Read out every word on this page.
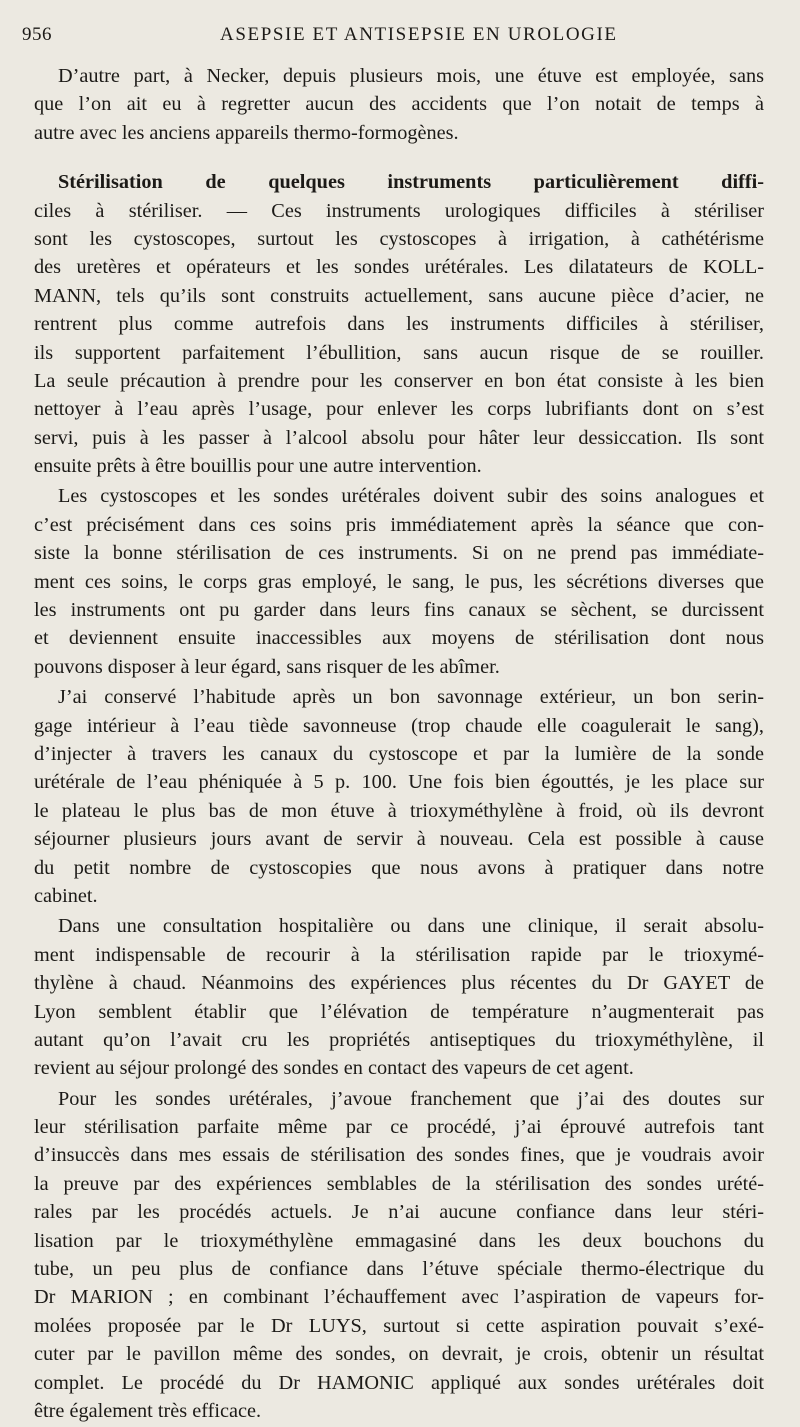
956	ASEPSIE ET ANTISEPSIE EN UROLOGIE
D’autre part, à Necker, depuis plusieurs mois, une étuve est employée, sans
que l’on ait eu à regretter aucun des accidents que l’on notait de temps à
autre avec les anciens appareils thermo-formogènes.
Stérilisation de quelques instruments particulièrement diffi-
ciles à stériliser. — Ces instruments urologiques difficiles à stériliser
sont les cystoscopes, surtout les cystoscopes à irrigation, à cathétérisme
des uretères et opérateurs et les sondes urétérales. Les dilatateurs de KOLL-
MANN, tels qu’ils sont construits actuellement, sans aucune pièce d’acier, ne
rentrent plus comme autrefois dans les instruments difficiles à stériliser,
ils supportent parfaitement l’ébullition, sans aucun risque de se rouiller.
La seule précaution à prendre pour les conserver en bon état consiste à les bien
nettoyer à l’eau après l’usage, pour enlever les corps lubrifiants dont on s’est
servi, puis à les passer à l’alcool absolu pour hâter leur dessiccation. Ils sont
ensuite prêts à être bouillis pour une autre intervention.
Les cystoscopes et les sondes urétérales doivent subir des soins analogues et
c’est précisément dans ces soins pris immédiatement après la séance que con-
siste la bonne stérilisation de ces instruments. Si on ne prend pas immédiate-
ment ces soins, le corps gras employé, le sang, le pus, les sécrétions diverses que
les instruments ont pu garder dans leurs fins canaux se sèchent, se durcissent
et deviennent ensuite inaccessibles aux moyens de stérilisation dont nous
pouvons disposer à leur égard, sans risquer de les abîmer.
J’ai conservé l’habitude après un bon savonnage extérieur, un bon serin-
gage intérieur à l’eau tiède savonneuse (trop chaude elle coagulerait le sang),
d’injecter à travers les canaux du cystoscope et par la lumière de la sonde
urétérale de l’eau phéniquée à 5 p. 100. Une fois bien égouttés, je les place sur
le plateau le plus bas de mon étuve à trioxyméthylène à froid, où ils devront
séjourner plusieurs jours avant de servir à nouveau. Cela est possible à cause
du petit nombre de cystoscopies que nous avons à pratiquer dans notre
cabinet.
Dans une consultation hospitalière ou dans une clinique, il serait absolu-
ment indispensable de recourir à la stérilisation rapide par le trioxymé-
thylène à chaud. Néanmoins des expériences plus récentes du Dr GAYET de
Lyon semblent établir que l’élévation de température n’augmenterait pas
autant qu’on l’avait cru les propriétés antiseptiques du trioxyméthylène, il
revient au séjour prolongé des sondes en contact des vapeurs de cet agent.
Pour les sondes urétérales, j’avoue franchement que j’ai des doutes sur
leur stérilisation parfaite même par ce procédé, j’ai éprouvé autrefois tant
d’insuccès dans mes essais de stérilisation des sondes fines, que je voudrais avoir
la preuve par des expériences semblables de la stérilisation des sondes urété-
rales par les procédés actuels. Je n’ai aucune confiance dans leur stéri-
lisation par le trioxyméthylène emmagasiné dans les deux bouchons du
tube, un peu plus de confiance dans l’étuve spéciale thermo-électrique du
Dr MARION ; en combinant l’échauffement avec l’aspiration de vapeurs for-
molées proposée par le Dr LUYS, surtout si cette aspiration pouvait s’exé-
cuter par le pavillon même des sondes, on devrait, je crois, obtenir un résultat
complet. Le procédé du Dr HAMONIC appliqué aux sondes urétérales doit
être également très efficace.
